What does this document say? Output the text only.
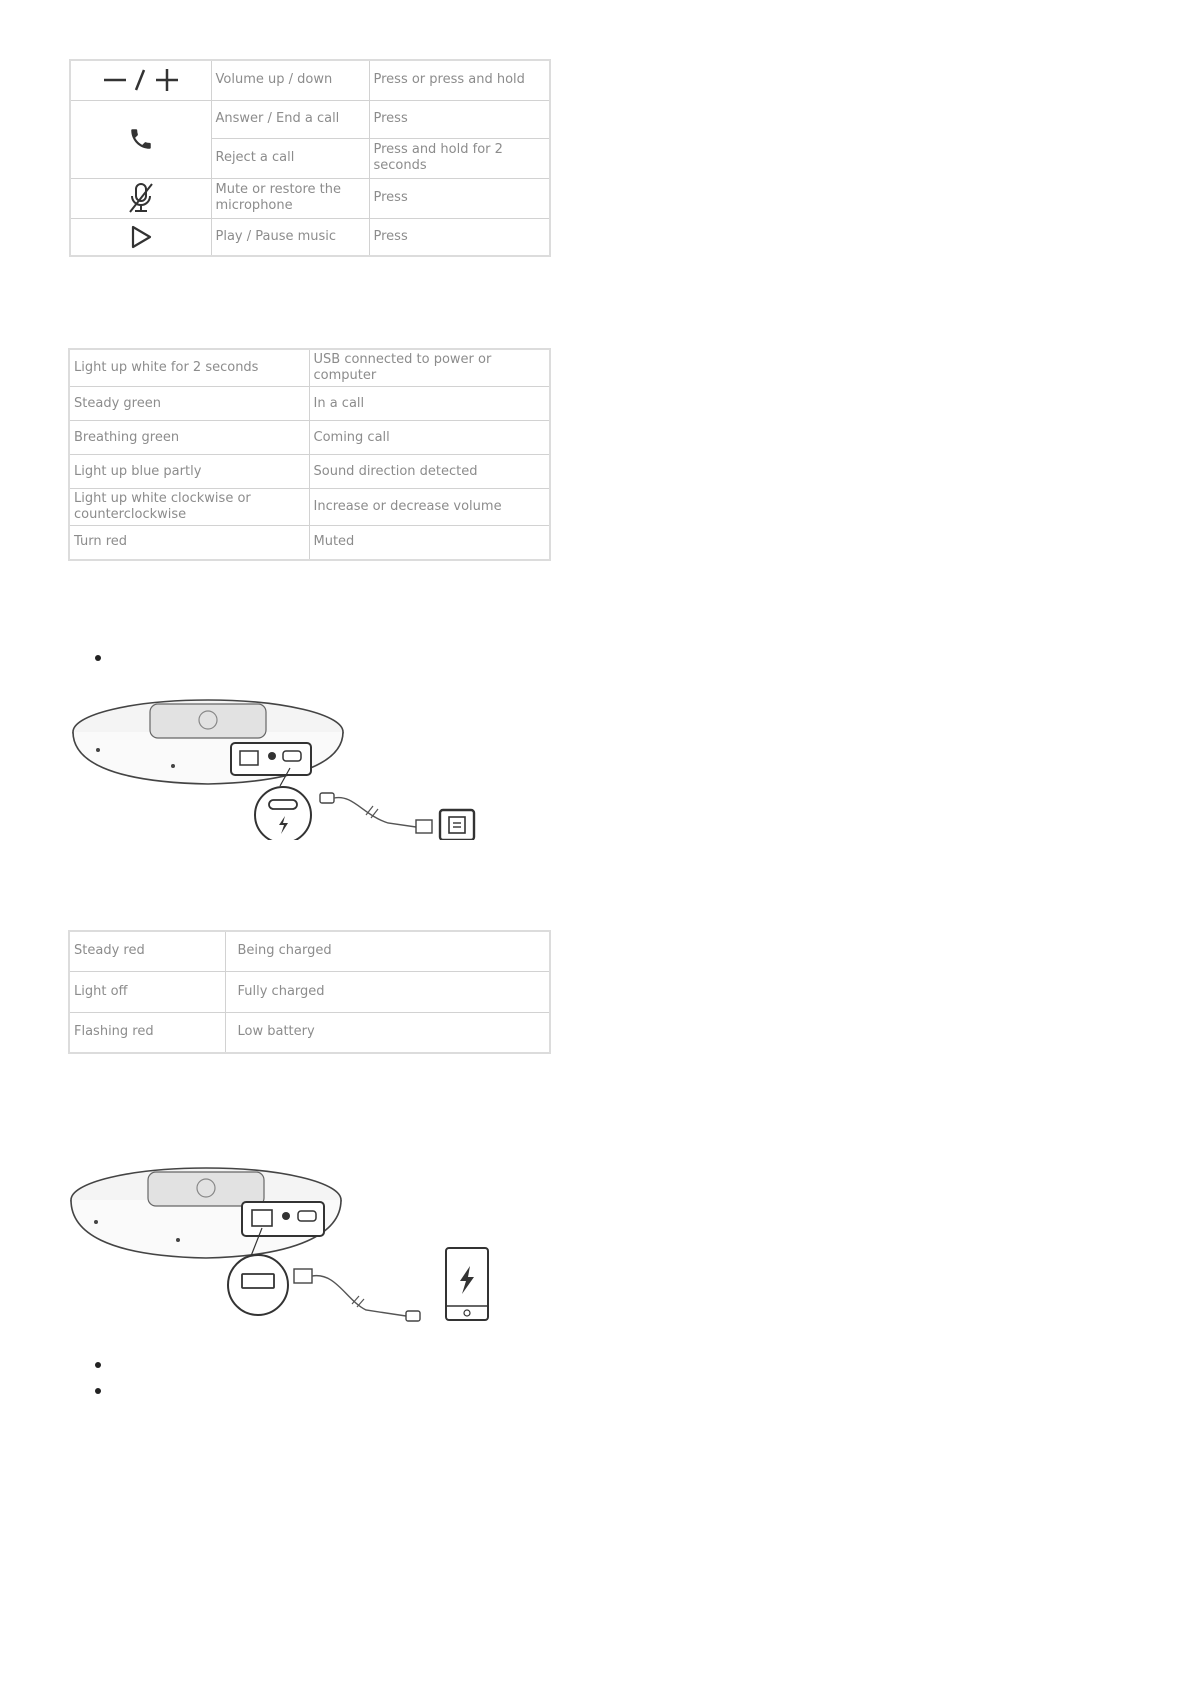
	Volume up / down	Press or press and hold

	Answer / End a call	Press
	Reject a call	Press and hold for 2 seconds

	Mute or restore the microphone	Press

	Play / Pause music	Press
Light up white for 2 seconds	USB connected to power or computer
Steady green	In a call
Breathing green	Coming call
Light up blue partly	Sound direction detected
Light up white clockwise or counterclockwise	Increase or decrease volume
Turn red	Muted
Steady red	Being charged
Light off	Fully charged
Flashing red	Low battery
